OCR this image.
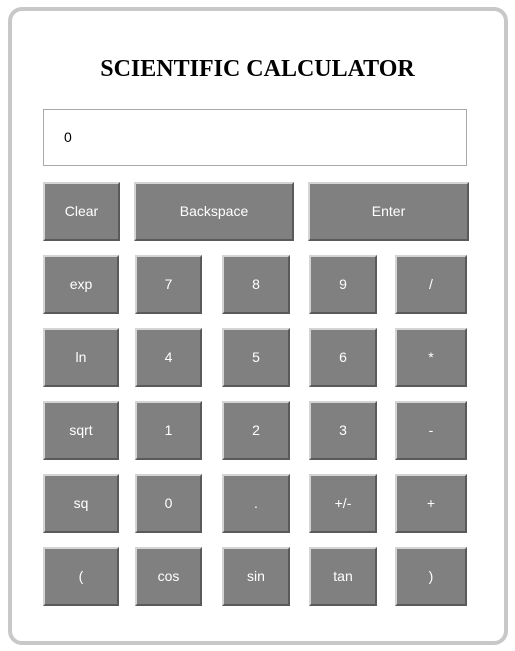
SCIENTIFIC CALCULATOR
0
Clear	Backspace	Enter
exp	7	8	9	/
ln	4	5	6	*
sqrt	1	2	3	-
sq	0	.	+/-	+
(	cos	sin	tan	)
